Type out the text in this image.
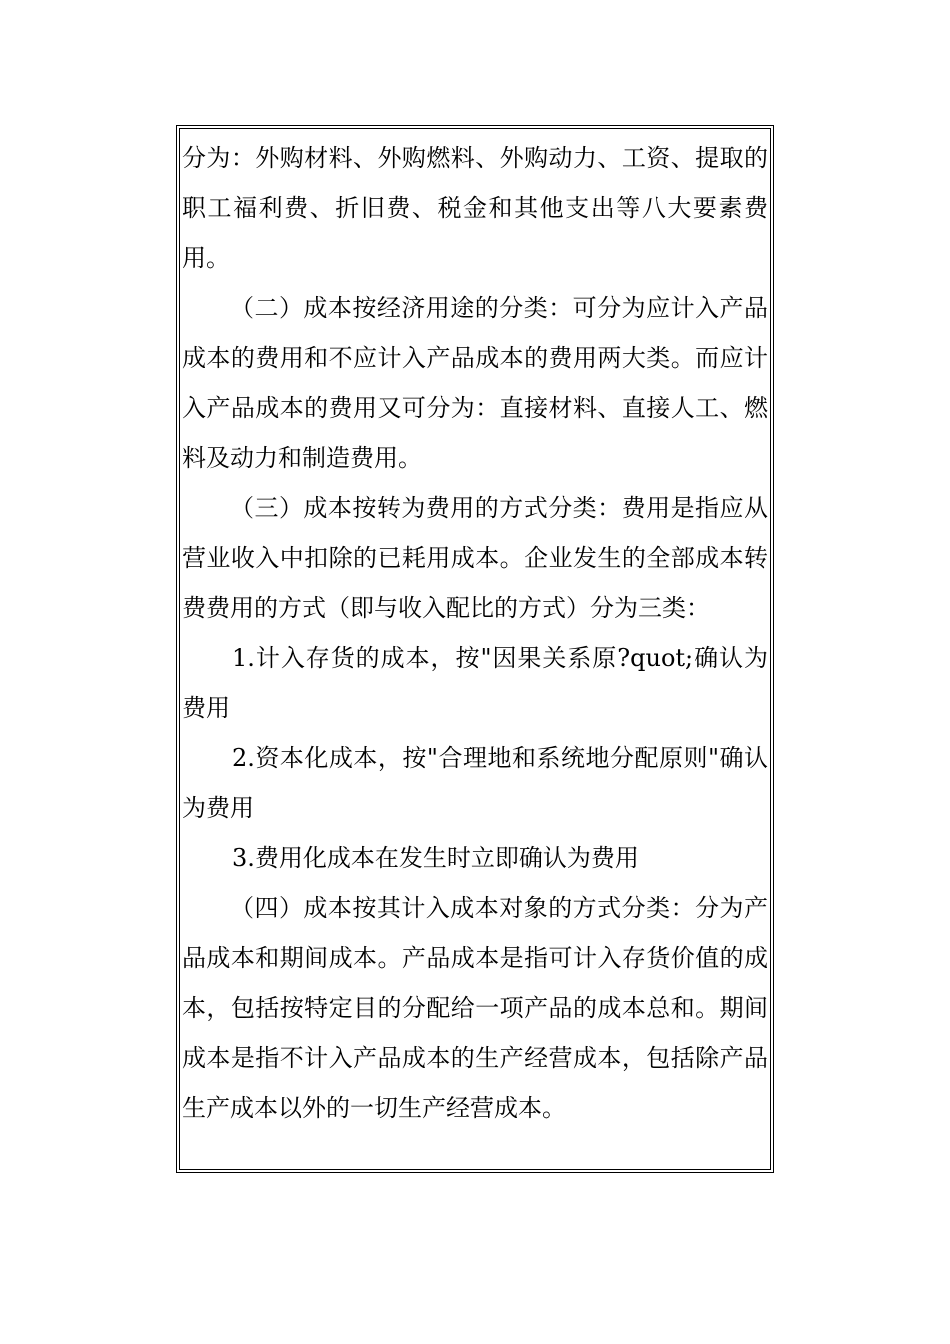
分为：外购材料、外购燃料、外购动力、工资、提取的职工福利费、折旧费、税金和其他支出等八大要素费用。

（二）成本按经济用途的分类：可分为应计入产品成本的费用和不应计入产品成本的费用两大类。而应计入产品成本的费用又可分为：直接材料、直接人工、燃料及动力和制造费用。

（三）成本按转为费用的方式分类：费用是指应从营业收入中扣除的已耗用成本。企业发生的全部成本转费费用的方式（即与收入配比的方式）分为三类：

1.计入存货的成本，按"因果关系原?quot;确认为费用

2.资本化成本，按"合理地和系统地分配原则"确认为费用

3.费用化成本在发生时立即确认为费用

（四）成本按其计入成本对象的方式分类：分为产品成本和期间成本。产品成本是指可计入存货价值的成本，包括按特定目的分配给一项产品的成本总和。期间成本是指不计入产品成本的生产经营成本，包括除产品生产成本以外的一切生产经营成本。
